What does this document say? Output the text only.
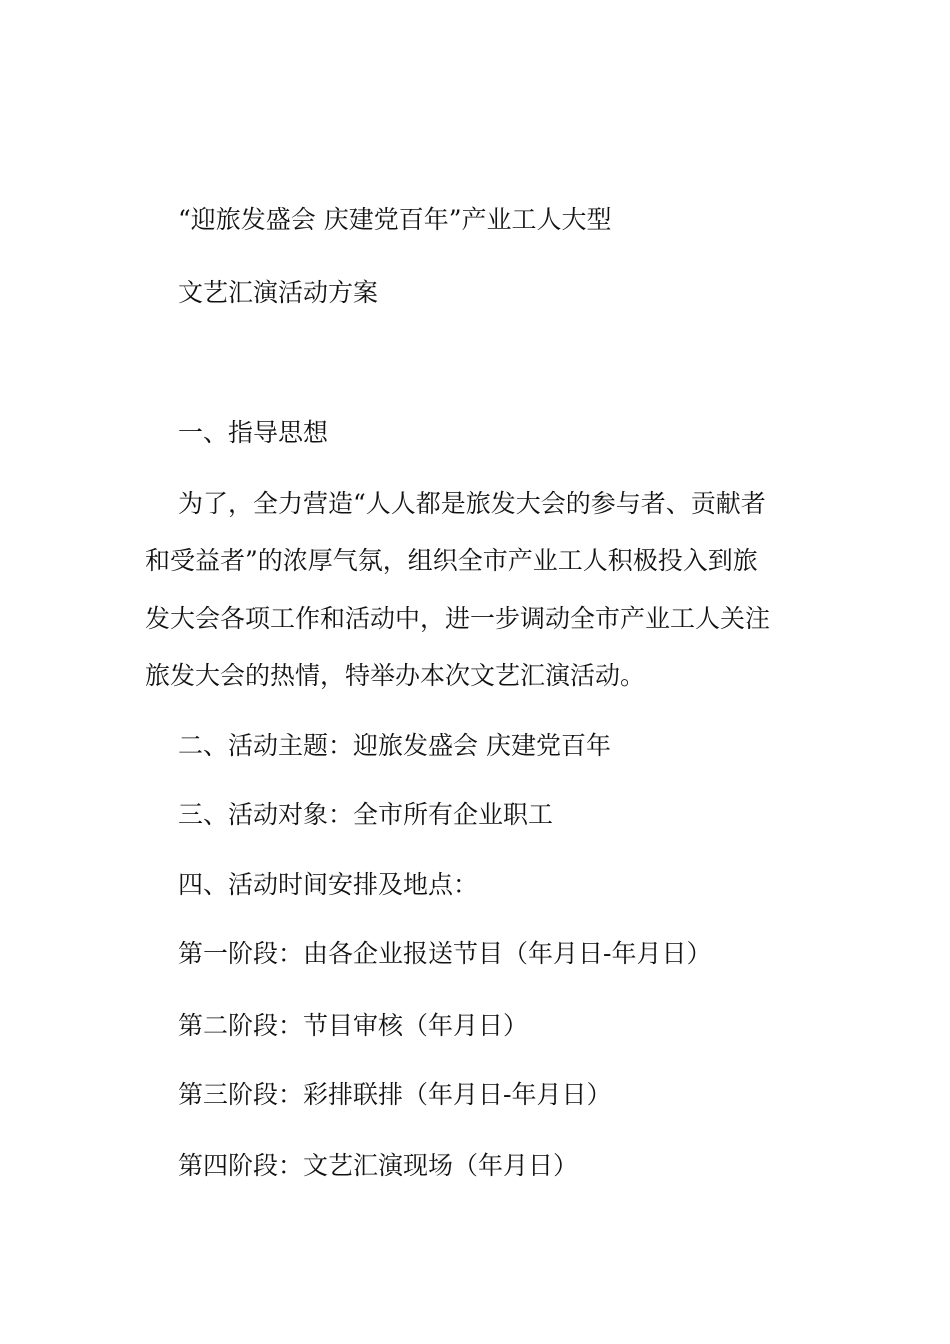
“迎旅发盛会 庆建党百年”产业工人大型
文艺汇演活动方案
一、指导思想
为了，全力营造“人人都是旅发大会的参与者、贡献者
和受益者”的浓厚气氛，组织全市产业工人积极投入到旅
发大会各项工作和活动中，进一步调动全市产业工人关注
旅发大会的热情，特举办本次文艺汇演活动。
二、活动主题：迎旅发盛会 庆建党百年
三、活动对象：全市所有企业职工
四、活动时间安排及地点：
第一阶段：由各企业报送节目（年月日-年月日）
第二阶段：节目审核（年月日）
第三阶段：彩排联排（年月日-年月日）
第四阶段：文艺汇演现场（年月日）
